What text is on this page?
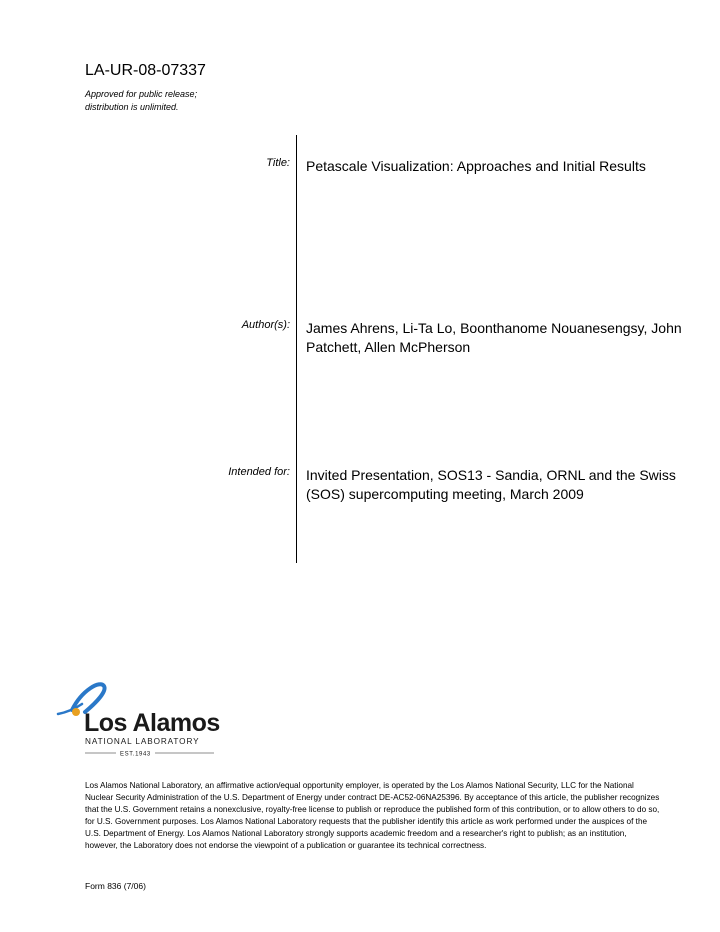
LA-UR-08-07337
Approved for public release;
distribution is unlimited.
Title: Petascale Visualization: Approaches and Initial Results
Author(s): James Ahrens, Li-Ta Lo, Boonthanome Nouanesengsy, John Patchett, Allen McPherson
Intended for: Invited Presentation, SOS13 - Sandia, ORNL and the Swiss (SOS) supercomputing meeting, March 2009
Los Alamos
NATIONAL LABORATORY
EST.1943
Los Alamos National Laboratory, an affirmative action/equal opportunity employer, is operated by the Los Alamos National Security, LLC for the National Nuclear Security Administration of the U.S. Department of Energy under contract DE-AC52-06NA25396. By acceptance of this article, the publisher recognizes that the U.S. Government retains a nonexclusive, royalty-free license to publish or reproduce the published form of this contribution, or to allow others to do so, for U.S. Government purposes. Los Alamos National Laboratory requests that the publisher identify this article as work performed under the auspices of the U.S. Department of Energy. Los Alamos National Laboratory strongly supports academic freedom and a researcher's right to publish; as an institution, however, the Laboratory does not endorse the viewpoint of a publication or guarantee its technical correctness.
Form 836 (7/06)
